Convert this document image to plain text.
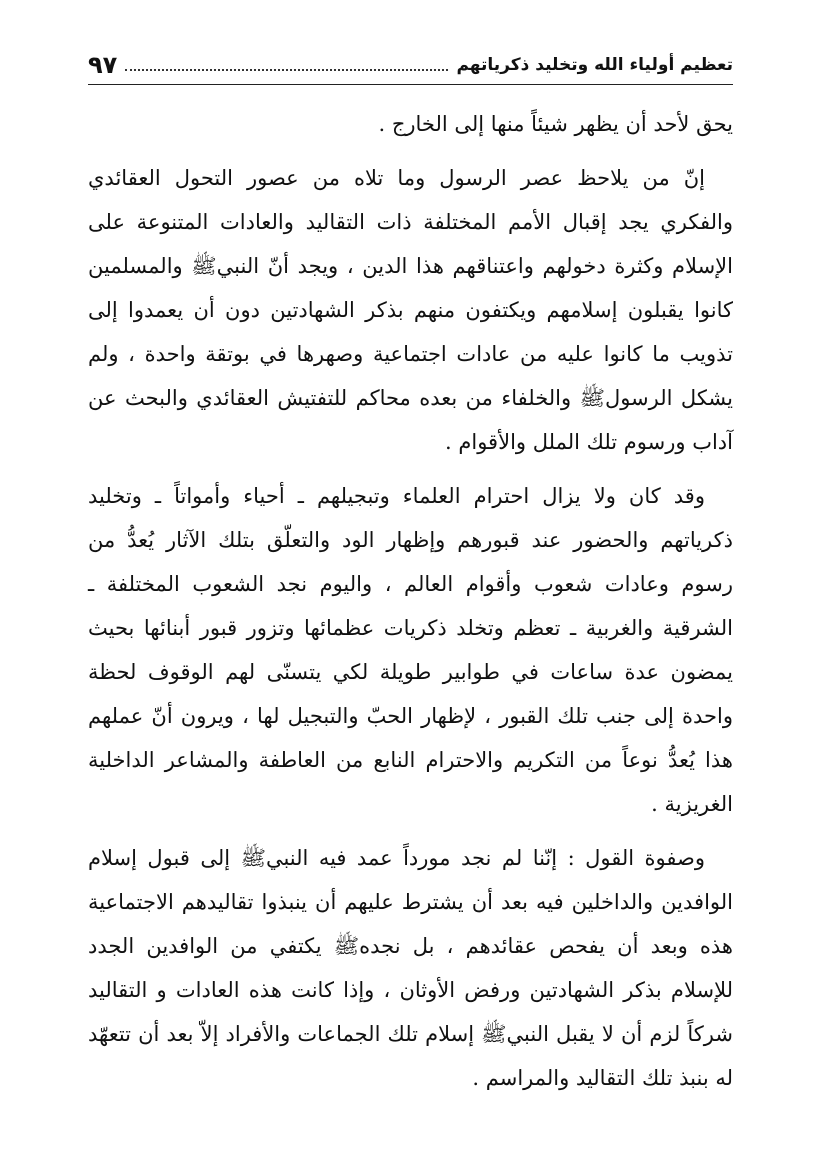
تعظيم أولياء الله وتخليد ذكرياتهم
٩٧

يحق لأحد أن يظهر شيئاً منها إلى الخارج .

إنّ من يلاحظ عصر الرسول وما تلاه من عصور التحول العقائدي والفكري يجد إقبال الأمم المختلفة ذات التقاليد والعادات المتنوعة على الإسلام وكثرة دخولهم واعتناقهم هذا الدين ، ويجد أنّ النبيﷺ والمسلمين كانوا يقبلون إسلامهم ويكتفون منهم بذكر الشهادتين دون أن يعمدوا إلى تذويب ما كانوا عليه من عادات اجتماعية وصهرها في بوتقة واحدة ، ولم يشكل الرسولﷺ والخلفاء من بعده محاكم للتفتيش العقائدي والبحث عن آداب ورسوم تلك الملل والأقوام .

وقد كان ولا يزال احترام العلماء وتبجيلهم ـ أحياء وأمواتاً ـ وتخليد ذكرياتهم والحضور عند قبورهم وإظهار الود والتعلّق بتلك الآثار يُعدُّ من رسوم وعادات شعوب وأقوام العالم ، واليوم نجد الشعوب المختلفة ـ الشرقية والغربية ـ تعظم وتخلد ذكريات عظمائها وتزور قبور أبنائها بحيث يمضون عدة ساعات في طوابير طويلة لكي يتسنّى لهم الوقوف لحظة واحدة إلى جنب تلك القبور ، لإظهار الحبّ والتبجيل لها ، ويرون أنّ عملهم هذا يُعدُّ نوعاً من التكريم والاحترام النابع من العاطفة والمشاعر الداخلية الغريزية .

وصفوة القول : إنّنا لم نجد مورداً عمد فيه النبيﷺ إلى قبول إسلام الوافدين والداخلين فيه بعد أن يشترط عليهم أن ينبذوا تقاليدهم الاجتماعية هذه وبعد أن يفحص عقائدهم ، بل نجدهﷺ يكتفي من الوافدين الجدد للإسلام بذكر الشهادتين ورفض الأوثان ، وإذا كانت هذه العادات و التقاليد شركاً لزم أن لا يقبل النبيﷺ إسلام تلك الجماعات والأفراد إلاّ بعد أن تتعهّد له بنبذ تلك التقاليد والمراسم .
